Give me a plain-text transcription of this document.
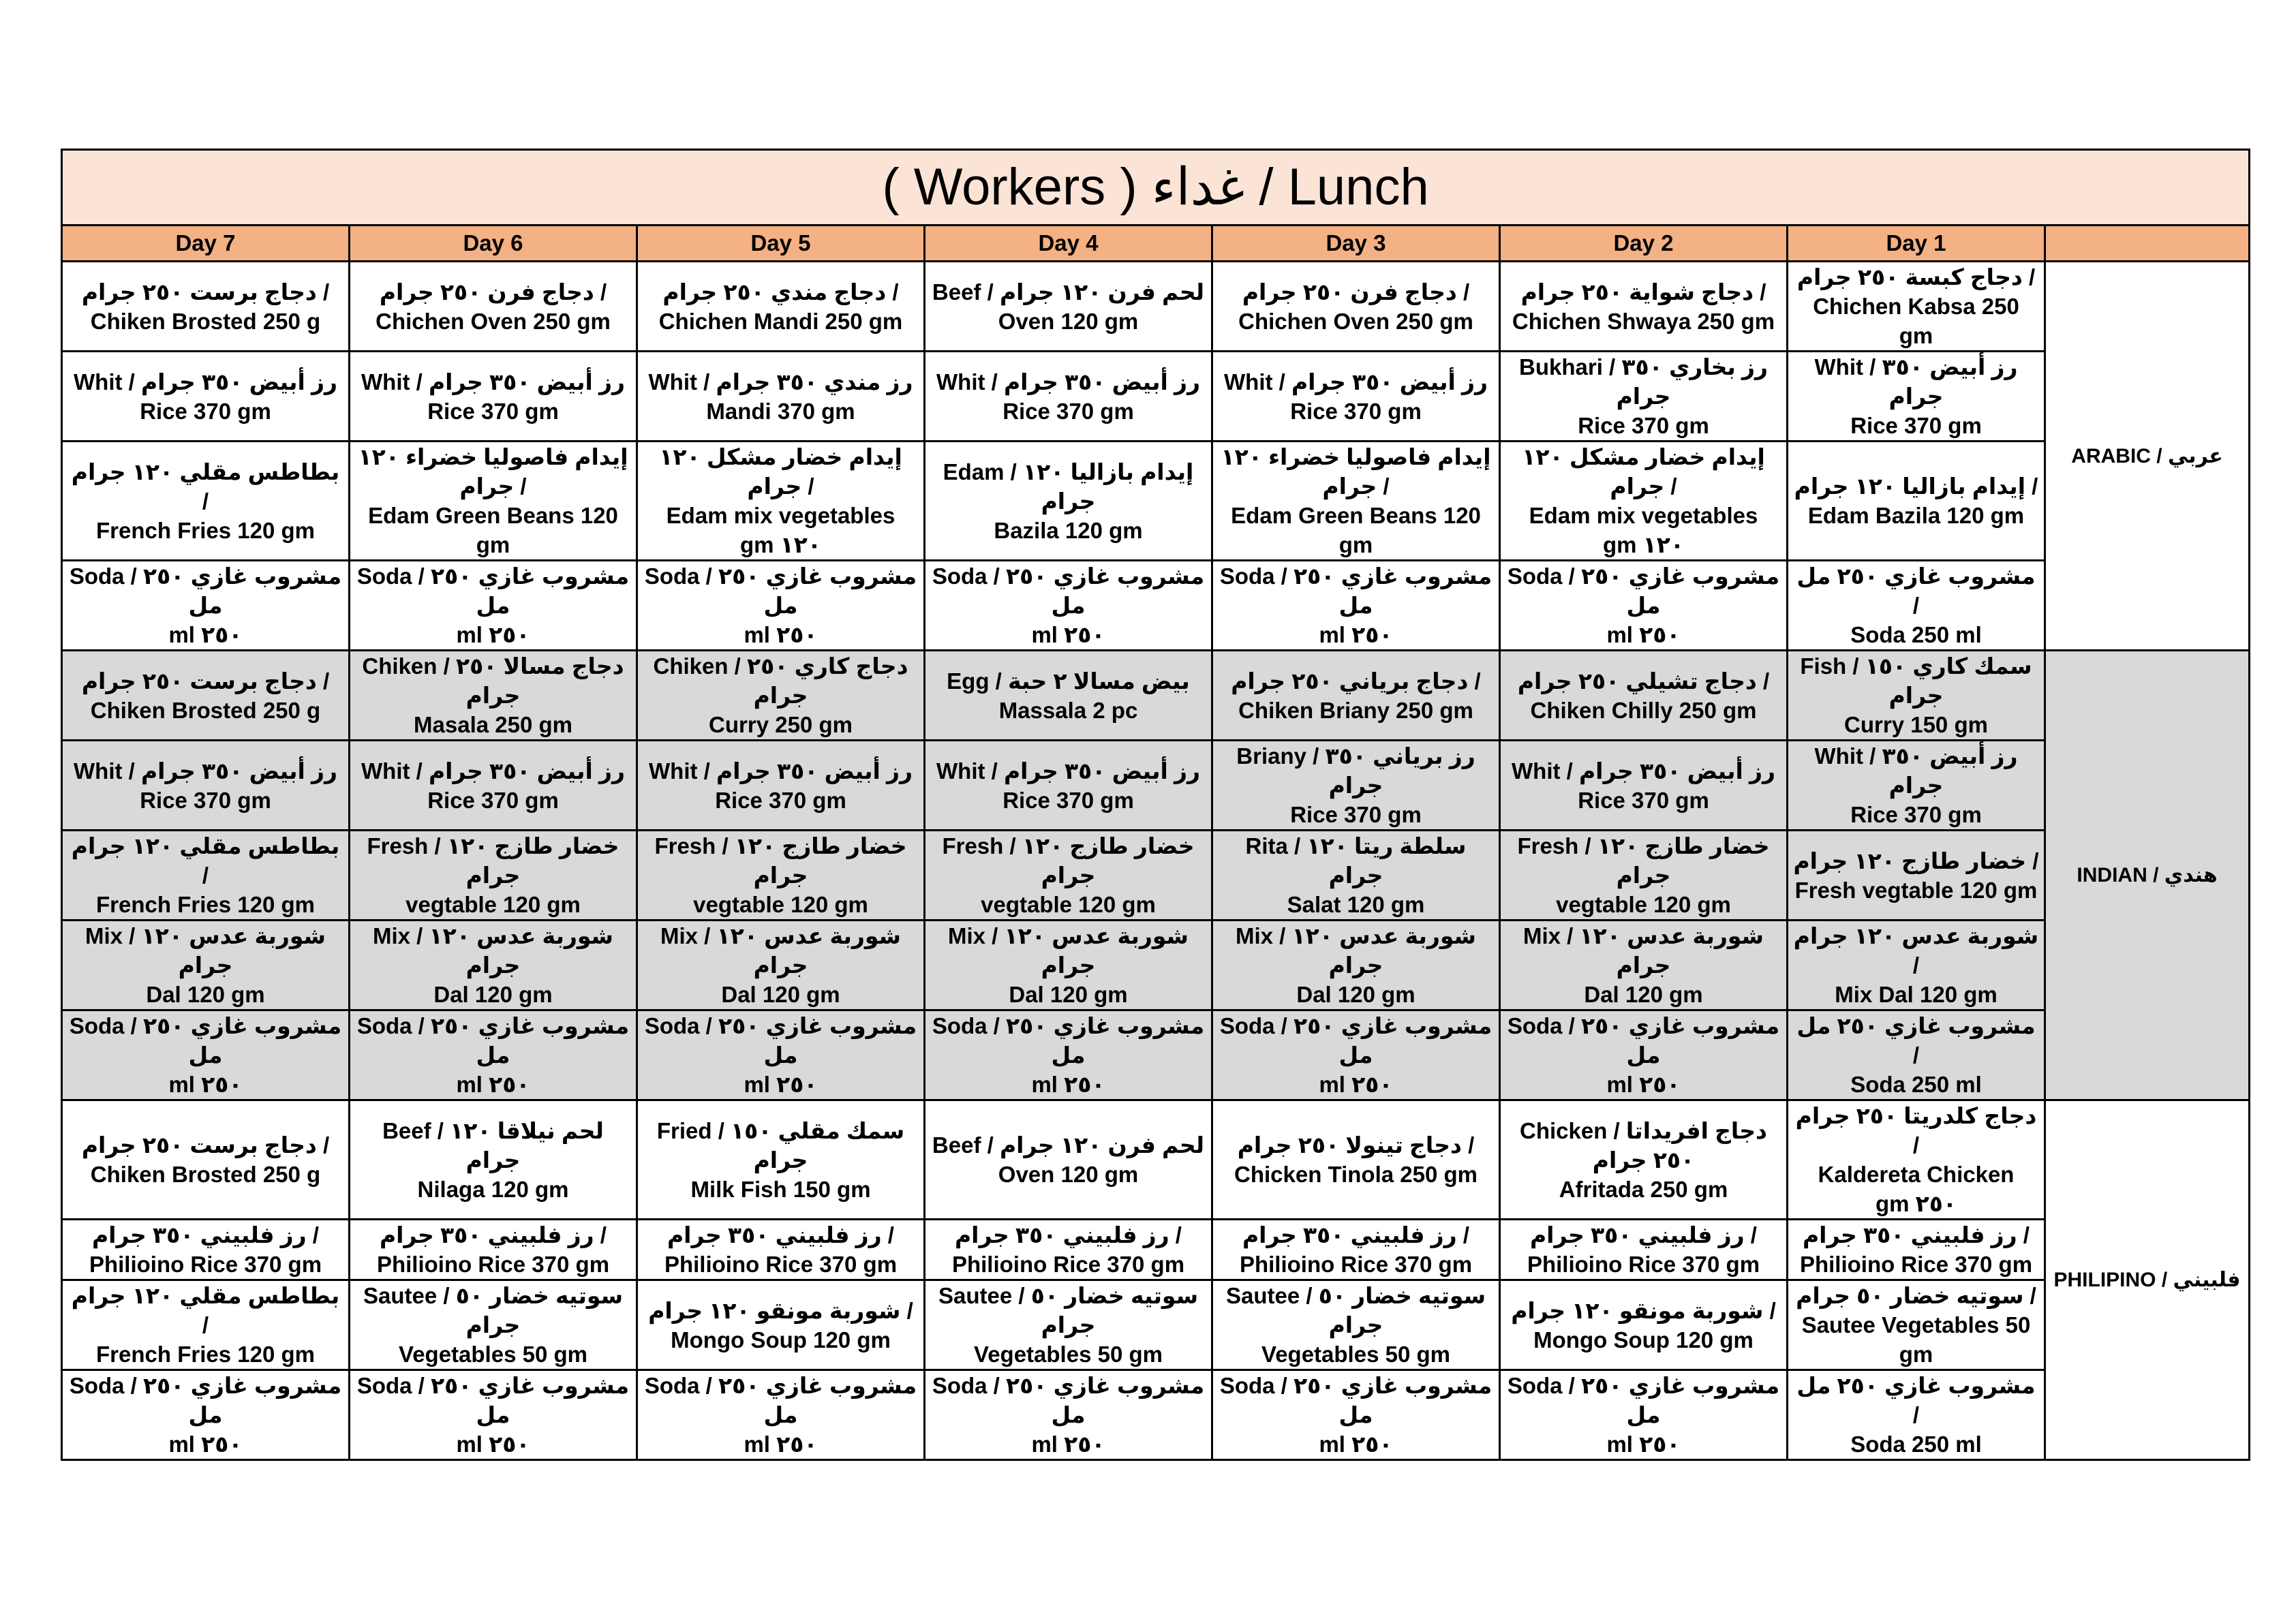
( Workers ) غداء / Lunch							
Day 7	Day 6	Day 5	Day 4	Day 3	Day 2	Day 1	

دجاج برست ٢٥٠ جرام /
Chiken Brosted 250 g	دجاج فرن ٢٥٠ جرام /
Chichen Oven 250 gm	دجاج مندي ٢٥٠ جرام /
Chichen Mandi 250 gm	Beef / لحم فرن ١٢٠ جرام
Oven 120 gm	دجاج فرن ٢٥٠ جرام /
Chichen Oven 250 gm	دجاج شواية ٢٥٠ جرام /
Chichen Shwaya 250 gm	دجاج كبسة ٢٥٠ جرام /
Chichen Kabsa 250
gm	ARABIC / عربي

Whit / رز أبيض ٣٥٠ جرام
Rice 370 gm	Whit / رز أبيض ٣٥٠ جرام
Rice 370 gm	Whit / رز مندي ٣٥٠ جرام
Mandi 370 gm	Whit / رز أبيض ٣٥٠ جرام
Rice 370 gm	Whit / رز أبيض ٣٥٠ جرام
Rice 370 gm	Bukhari / رز بخاري ٣٥٠ جرام
Rice 370 gm	Whit / رز أبيض ٣٥٠ جرام
Rice 370 gm	

بطاطس مقلي ١٢٠ جرام /
French Fries 120 gm	إيدام فاصوليا خضراء ١٢٠ جرام /
Edam Green Beans 120
gm	إيدام خضار مشكل ١٢٠ جرام /
Edam mix vegetables
gm ١٢٠	Edam / إيدام بازاليا ١٢٠ جرام
Bazila 120 gm	إيدام فاصوليا خضراء ١٢٠ جرام /
Edam Green Beans 120
gm	إيدام خضار مشكل ١٢٠ جرام /
Edam mix vegetables
gm ١٢٠	إيدام بازاليا ١٢٠ جرام /
Edam Bazila 120 gm	

Soda / مشروب غازي ٢٥٠ مل
ml ٢٥٠	Soda / مشروب غازي ٢٥٠ مل
ml ٢٥٠	Soda / مشروب غازي ٢٥٠ مل
ml ٢٥٠	Soda / مشروب غازي ٢٥٠ مل
ml ٢٥٠	Soda / مشروب غازي ٢٥٠ مل
ml ٢٥٠	Soda / مشروب غازي ٢٥٠ مل
ml ٢٥٠	مشروب غازي ٢٥٠ مل /
Soda 250 ml	

دجاج برست ٢٥٠ جرام /
Chiken Brosted 250 g	Chiken / دجاج مسالا ٢٥٠ جرام
Masala 250 gm	Chiken / دجاج كاري ٢٥٠ جرام
Curry 250 gm	Egg / بيض مسالا ٢ حبة
Massala 2 pc	دجاج برياني ٢٥٠ جرام /
Chiken Briany 250 gm	دجاج تشيلي ٢٥٠ جرام /
Chiken Chilly 250 gm	Fish / سمك كاري ١٥٠ جرام
Curry 150 gm	INDIAN / هندي

Whit / رز أبيض ٣٥٠ جرام
Rice 370 gm	Whit / رز أبيض ٣٥٠ جرام
Rice 370 gm	Whit / رز أبيض ٣٥٠ جرام
Rice 370 gm	Whit / رز أبيض ٣٥٠ جرام
Rice 370 gm	Briany / رز برياني ٣٥٠ جرام
Rice 370 gm	Whit / رز أبيض ٣٥٠ جرام
Rice 370 gm	Whit / رز أبيض ٣٥٠ جرام
Rice 370 gm	

بطاطس مقلي ١٢٠ جرام /
French Fries 120 gm	Fresh / خضار طازج ١٢٠ جرام
vegtable 120 gm	Fresh / خضار طازج ١٢٠ جرام
vegtable 120 gm	Fresh / خضار طازج ١٢٠ جرام
vegtable 120 gm	Rita / سلطة ريتا ١٢٠ جرام
Salat 120 gm	Fresh / خضار طازج ١٢٠ جرام
vegtable 120 gm	خضار طازج ١٢٠ جرام /
Fresh vegtable 120 gm	

Mix / شوربة عدس ١٢٠ جرام
Dal 120 gm	Mix / شوربة عدس ١٢٠ جرام
Dal 120 gm	Mix / شوربة عدس ١٢٠ جرام
Dal 120 gm	Mix / شوربة عدس ١٢٠ جرام
Dal 120 gm	Mix / شوربة عدس ١٢٠ جرام
Dal 120 gm	Mix / شوربة عدس ١٢٠ جرام
Dal 120 gm	شوربة عدس ١٢٠ جرام /
Mix Dal 120 gm	

Soda / مشروب غازي ٢٥٠ مل
ml ٢٥٠	Soda / مشروب غازي ٢٥٠ مل
ml ٢٥٠	Soda / مشروب غازي ٢٥٠ مل
ml ٢٥٠	Soda / مشروب غازي ٢٥٠ مل
ml ٢٥٠	Soda / مشروب غازي ٢٥٠ مل
ml ٢٥٠	Soda / مشروب غازي ٢٥٠ مل
ml ٢٥٠	مشروب غازي ٢٥٠ مل /
Soda 250 ml	

دجاج برست ٢٥٠ جرام /
Chiken Brosted 250 g	Beef / لحم نيلاقا ١٢٠ جرام
Nilaga 120 gm	Fried / سمك مقلي ١٥٠ جرام
Milk Fish 150 gm	Beef / لحم فرن ١٢٠ جرام
Oven 120 gm	دجاج تينولا ٢٥٠ جرام /
Chicken Tinola 250 gm	Chicken / دجاج افريداتا ٢٥٠ جرام
Afritada 250 gm	دجاج كلدريتا ٢٥٠ جرام /
Kaldereta Chicken
gm ٢٥٠	PHILIPINO / فلبيني

رز فلبيني ٣٥٠ جرام /
Philioino Rice 370 gm	رز فلبيني ٣٥٠ جرام /
Philioino Rice 370 gm	رز فلبيني ٣٥٠ جرام /
Philioino Rice 370 gm	رز فلبيني ٣٥٠ جرام /
Philioino Rice 370 gm	رز فلبيني ٣٥٠ جرام /
Philioino Rice 370 gm	رز فلبيني ٣٥٠ جرام /
Philioino Rice 370 gm	رز فلبيني ٣٥٠ جرام /
Philioino Rice 370 gm	

بطاطس مقلي ١٢٠ جرام /
French Fries 120 gm	Sautee / سوتيه خضار ٥٠ جرام
Vegetables 50 gm	شوربة مونقو ١٢٠ جرام /
Mongo Soup 120 gm	Sautee / سوتيه خضار ٥٠ جرام
Vegetables 50 gm	Sautee / سوتيه خضار ٥٠ جرام
Vegetables 50 gm	شوربة مونقو ١٢٠ جرام /
Mongo Soup 120 gm	سوتيه خضار ٥٠ جرام /
Sautee Vegetables 50
gm	

Soda / مشروب غازي ٢٥٠ مل
ml ٢٥٠	Soda / مشروب غازي ٢٥٠ مل
ml ٢٥٠	Soda / مشروب غازي ٢٥٠ مل
ml ٢٥٠	Soda / مشروب غازي ٢٥٠ مل
ml ٢٥٠	Soda / مشروب غازي ٢٥٠ مل
ml ٢٥٠	Soda / مشروب غازي ٢٥٠ مل
ml ٢٥٠	مشروب غازي ٢٥٠ مل /
Soda 250 ml	
